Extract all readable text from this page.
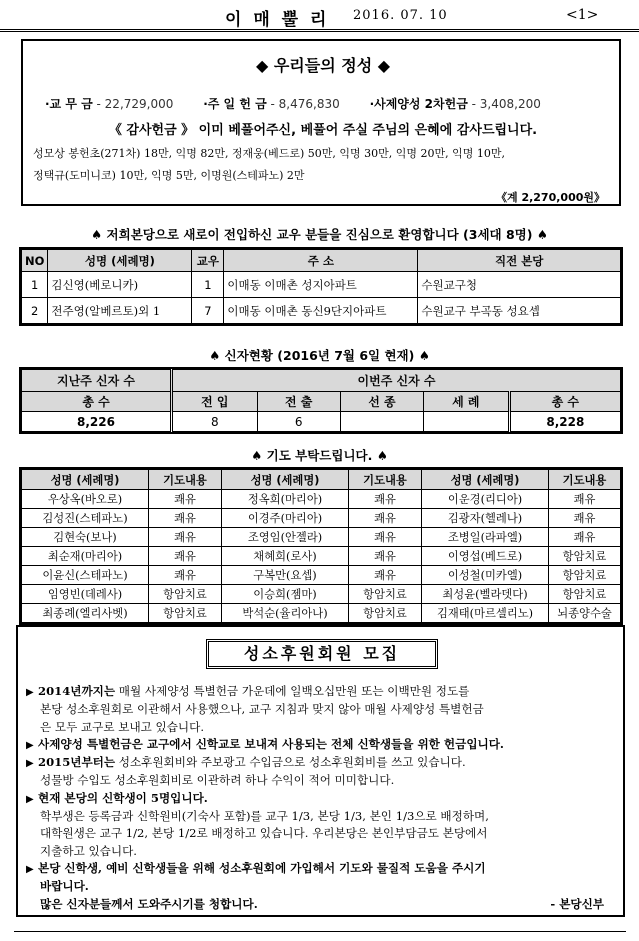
이 매 뿔 리 2016. 07. 10	<1>
◆ 우리들의 정성 ◆
·교 무 금 - 22,729,000 ·주 일 헌 금 - 8,476,830 ·사제양성 2차헌금 - 3,408,200
《 감사헌금 》 이미 베풀어주신, 베풀어 주실 주님의 은혜에 감사드립니다.
성모상 봉헌초(271차) 18만, 익명 82만, 정재웅(베드로) 50만, 익명 30만, 익명 20만, 익명 10만,
정택규(도미니코) 10만, 익명 5만, 이명원(스테파노) 2만
《계 2,270,000원》
♠ 저희본당으로 새로이 전입하신 교우 분들을 진심으로 환영합니다 (3세대 8명) ♠
NO	성명 (세례명)	교우	주 소	직전 본당
1	김신영(베로니카)	1	이매동 이매촌 성지아파트	수원교구청
2	전주영(알베르토)외 1	7	이매동 이매촌 동신9단지아파트	수원교구 부곡동 성요셉
♠ 신자현황 (2016년 7월 6일 현재) ♠
지난주 신자 수	이번주 신자 수				
총 수	전 입	전 출	선 종	세 례	총 수
8,226	8	6			8,228
♠ 기도 부탁드립니다. ♠
성명 (세례명)	기도내용	성명 (세례명)	기도내용	성명 (세례명)	기도내용
우상옥(바오로)	쾌유	정옥희(마리아)	쾌유	이운경(리디아)	쾌유
김성진(스테파노)	쾌유	이경주(마리아)	쾌유	김광자(헬레나)	쾌유
김현숙(보나)	쾌유	조영임(안젤라)	쾌유	조병일(라파엘)	쾌유
최순재(마리아)	쾌유	채혜희(로사)	쾌유	이영섭(베드로)	항암치료
이윤신(스테파노)	쾌유	구복만(요셉)	쾌유	이성철(미카엘)	항암치료
임영빈(데레사)	항암치료	이승희(젬마)	항암치료	최성윤(벨라뎃다)	항암치료
최종례(엘리사벳)	항암치료	박석순(율리아나)	항암치료	김재태(마르셀리노)	뇌종양수술
성소후원회원 모집

▶ 2014년까지는 매월 사제양성 특별헌금 가운데에 일백오십만원 또는 이백만원 정도를

본당 성소후원회로 이관해서 사용했으나, 교구 지침과 맞지 않아 매월 사제양성 특별헌금

은 모두 교구로 보내고 있습니다.

▶ 사제양성 특별헌금은 교구에서 신학교로 보내져 사용되는 전체 신학생들을 위한 헌금입니다.

▶ 2015년부터는 성소후원회비와 주보광고 수입금으로 성소후원회비를 쓰고 있습니다.

성물방 수입도 성소후원회비로 이관하려 하나 수익이 적어 미미합니다.

▶ 현재 본당의 신학생이 5명입니다.

학부생은 등록금과 신학원비(기숙사 포함)를 교구 1/3, 본당 1/3, 본인 1/3으로 배정하며,

대학원생은 교구 1/2, 본당 1/2로 배정하고 있습니다. 우리본당은 본인부담금도 본당에서

지출하고 있습니다.

▶ 본당 신학생, 예비 신학생들을 위해 성소후원회에 가입해서 기도와 물질적 도움을 주시기

바랍니다.

많은 신자분들께서 도와주시기를 청합니다.	- 본당신부
